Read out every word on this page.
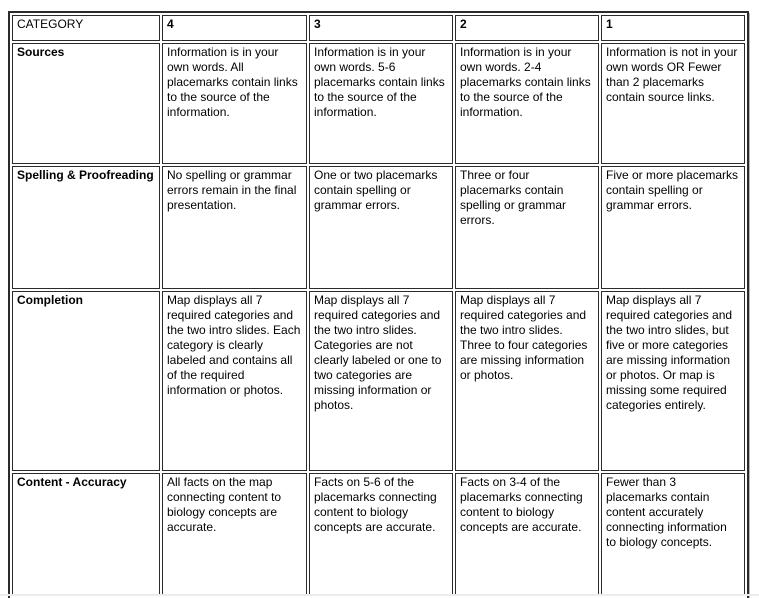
CATEGORY	4	3	2	1
Sources	Information is in your own words. All placemarks contain links to the source of the information.	Information is in your own words. 5-6 placemarks contain links to the source of the information.	Information is in your own words. 2-4 placemarks contain links to the source of the information.	Information is not in your own words OR Fewer than 2 placemarks contain source links.
Spelling & Proofreading	No spelling or grammar errors remain in the final presentation.	One or two placemarks contain spelling or grammar errors.	Three or four placemarks contain spelling or grammar errors.	Five or more placemarks contain spelling or grammar errors.
Completion	Map displays all 7 required categories and the two intro slides. Each category is clearly labeled and contains all of the required information or photos.	Map displays all 7 required categories and the two intro slides. Categories are not clearly labeled or one to two categories are missing information or photos.	Map displays all 7 required categories and the two intro slides. Three to four categories are missing information or photos.	Map displays all 7 required categories and the two intro slides, but five or more categories are missing information or photos. Or map is missing some required categories entirely.
Content - Accuracy	All facts on the map connecting content to biology concepts are accurate.	Facts on 5-6 of the placemarks connecting content to biology concepts are accurate.	Facts on 3-4 of the placemarks connecting content to biology concepts are accurate.	Fewer than 3 placemarks contain content accurately connecting information to biology concepts.
